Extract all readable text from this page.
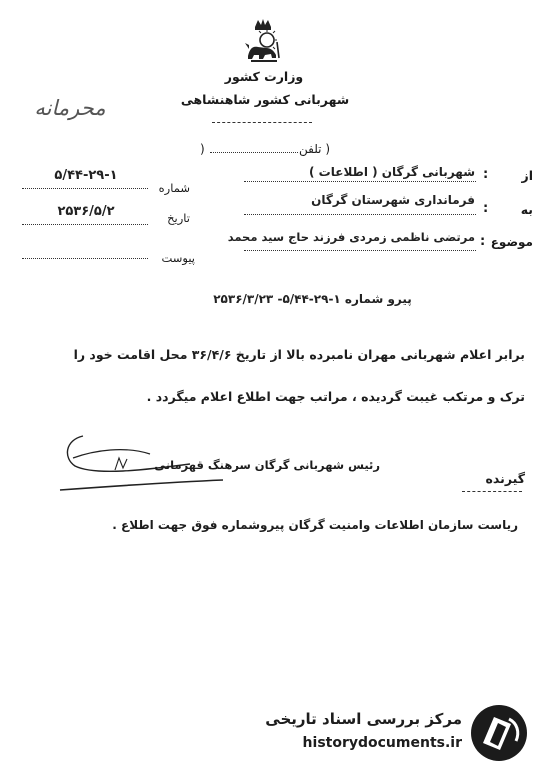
وزارت کشور
شهربانی کشور شاهنشاهی
محرمانه
)	( تلفن
از
:
شهربانی گرگان ( اطلاعات )
به
:
فرمانداری شهرستان گرگان
موضوع
:
مرتضی ناظمی زمردی فرزند حاج سید محمد
شماره
۵/۴۴-۲۹-۱
تاریخ
۲۵۳۶/۵/۲
پیوست
پیرو شماره ۱-۲۹-۵/۴۴- ۲۵۳۶/۳/۲۳
برابر اعلام شهربانی مهران نامبرده بالا از تاریخ ۳۶/۴/۶ محل اقامت خود را
ترک و مرتکب غیبت گردیده ، مراتب جهت اطلاع اعلام میگردد .
رئیس شهربانی گرگان سرهنگ قهرمانی
گیرنده
ریاست سازمان اطلاعات وامنیت گرگان پیروشماره فوق جهت اطلاع .
مرکز بررسی اسناد تاریخی
historydocuments.ir
